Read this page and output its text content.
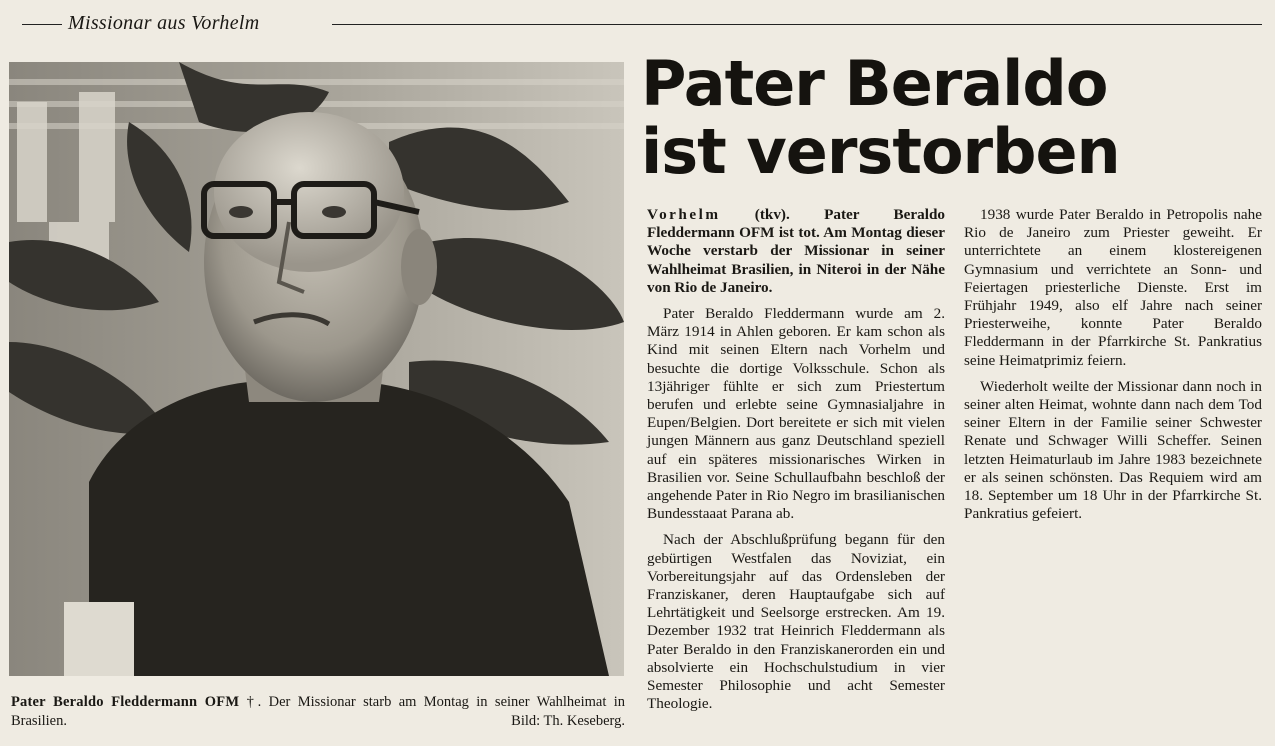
Missionar aus Vorhelm
Pater Beraldo Fleddermann OFM †. Der Missionar starb am Montag in seiner Wahlheimat in Brasilien.	Bild: Th. Keseberg.
Pater Beraldo
ist verstorben

Vorhelm (tkv). Pater Beraldo Fleddermann OFM ist tot. Am Montag dieser Woche verstarb der Missionar in seiner Wahlheimat Brasilien, in Niteroi in der Nähe von Rio de Janeiro.

Pater Beraldo Fleddermann wurde am 2. März 1914 in Ahlen geboren. Er kam schon als Kind mit seinen Eltern nach Vorhelm und besuchte die dortige Volksschule. Schon als 13jähriger fühlte er sich zum Priestertum berufen und erlebte seine Gymnasialjahre in Eupen/Belgien. Dort bereitete er sich mit vielen jungen Männern aus ganz Deutschland speziell auf ein späteres missionarisches Wirken in Brasilien vor. Seine Schullaufbahn beschloß der angehende Pater in Rio Negro im brasilianischen Bundesstaaat Parana ab.

Nach der Abschlußprüfung begann für den gebürtigen Westfalen das Noviziat, ein Vorbereitungsjahr auf das Ordensleben der Franziskaner, deren Hauptaufgabe sich auf Lehrtätigkeit und Seelsorge erstrecken. Am 19. Dezember 1932 trat Heinrich Fleddermann als Pater Beraldo in den Franziskanerorden ein und absolvierte ein Hochschulstudium in vier Semester Philosophie und acht Semester Theologie.

1938 wurde Pater Beraldo in Petropolis nahe Rio de Janeiro zum Priester geweiht. Er unterrichtete an einem klostereigenen Gymnasium und verrichtete an Sonn- und Feiertagen priesterliche Dienste. Erst im Frühjahr 1949, also elf Jahre nach seiner Priesterweihe, konnte Pater Beraldo Fleddermann in der Pfarrkirche St. Pankratius seine Heimatprimiz feiern.

Wiederholt weilte der Missionar dann noch in seiner alten Heimat, wohnte dann nach dem Tod seiner Eltern in der Familie seiner Schwester Renate und Schwager Willi Scheffer. Seinen letzten Heimaturlaub im Jahre 1983 bezeichnete er als seinen schönsten. Das Requiem wird am 18. September um 18 Uhr in der Pfarrkirche St. Pankratius gefeiert.
